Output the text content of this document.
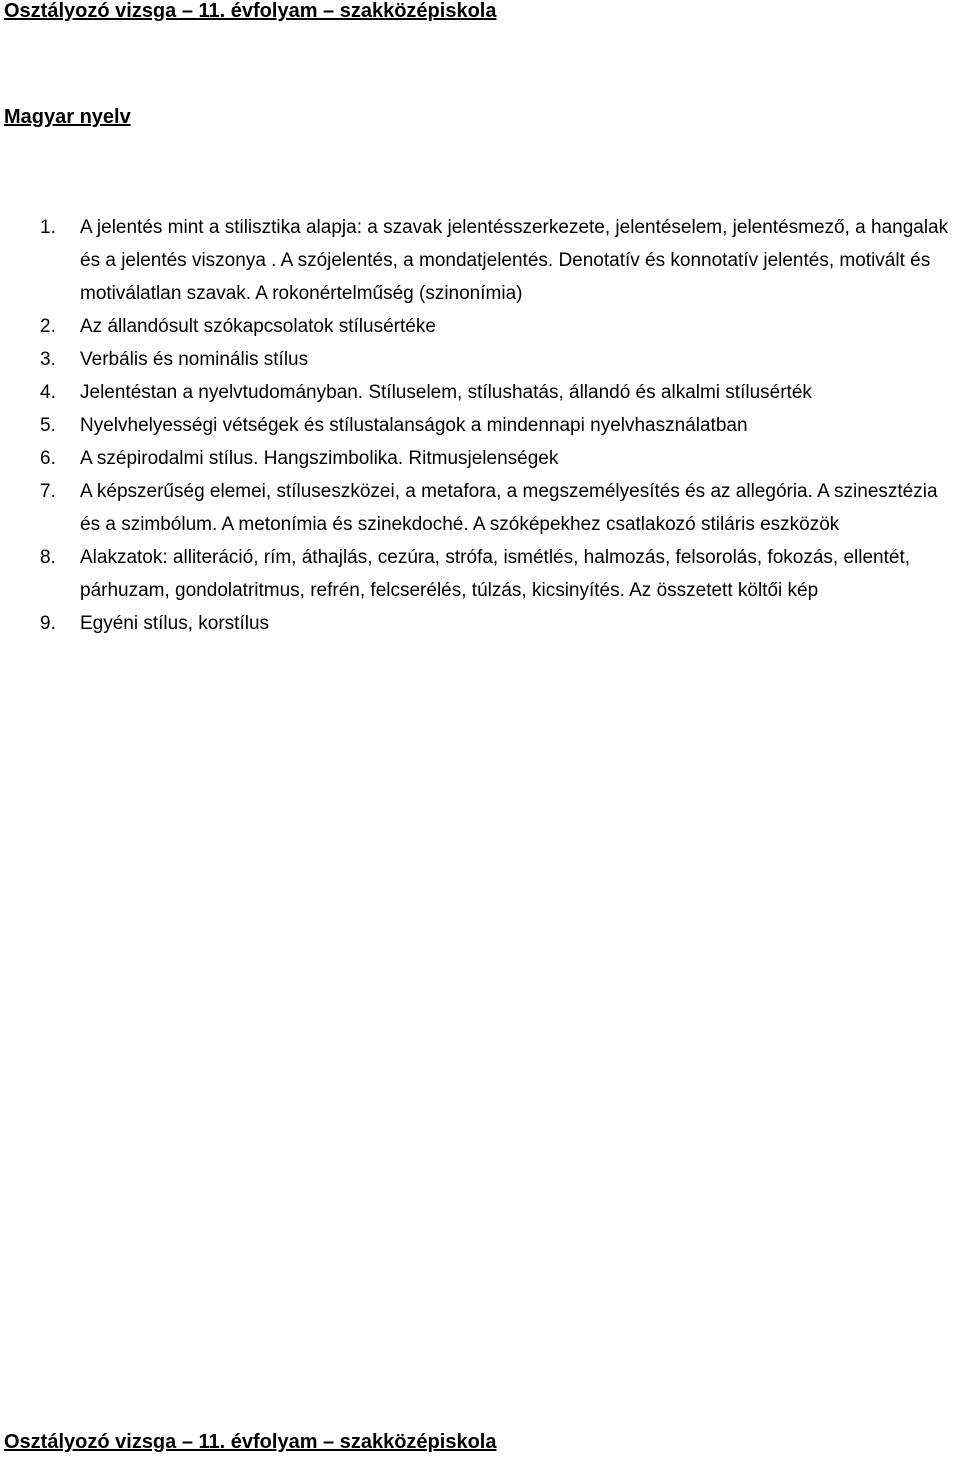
Osztályozó vizsga – 11. évfolyam – szakközépiskola
Magyar nyelv
1. A jelentés mint a stilisztika alapja: a szavak jelentésszerkezete, jelentéselem, jelentésmező, a hangalak és a jelentés viszonya . A szójelentés, a mondatjelentés. Denotatív és konnotatív jelentés, motivált és motiválatlan szavak. A rokonértelműség (szinonímia)
2. Az állandósult szókapcsolatok stílusértéke
3. Verbális és nominális stílus
4. Jelentéstan a nyelvtudományban. Stíluselem, stílushatás, állandó és alkalmi stílusérték
5. Nyelvhelyességi vétségek és stílustalanságok a mindennapi nyelvhasználatban
6. A szépirodalmi stílus. Hangszimbolika. Ritmusjelenségek
7. A képszerűség elemei, stíluseszközei, a metafora, a megszemélyesítés és az allegória. A szinesztézia és a szimbólum. A metonímia és szinekdoché. A szóképekhez csatlakozó stiláris eszközök
8. Alakzatok: alliteráció, rím, áthajlás, cezúra, strófa, ismétlés, halmozás, felsorolás, fokozás, ellentét, párhuzam, gondolatritmus, refrén, felcserélés, túlzás, kicsinyítés. Az összetett költői kép
9. Egyéni stílus, korstílus
Osztályozó vizsga – 11. évfolyam – szakközépiskola
